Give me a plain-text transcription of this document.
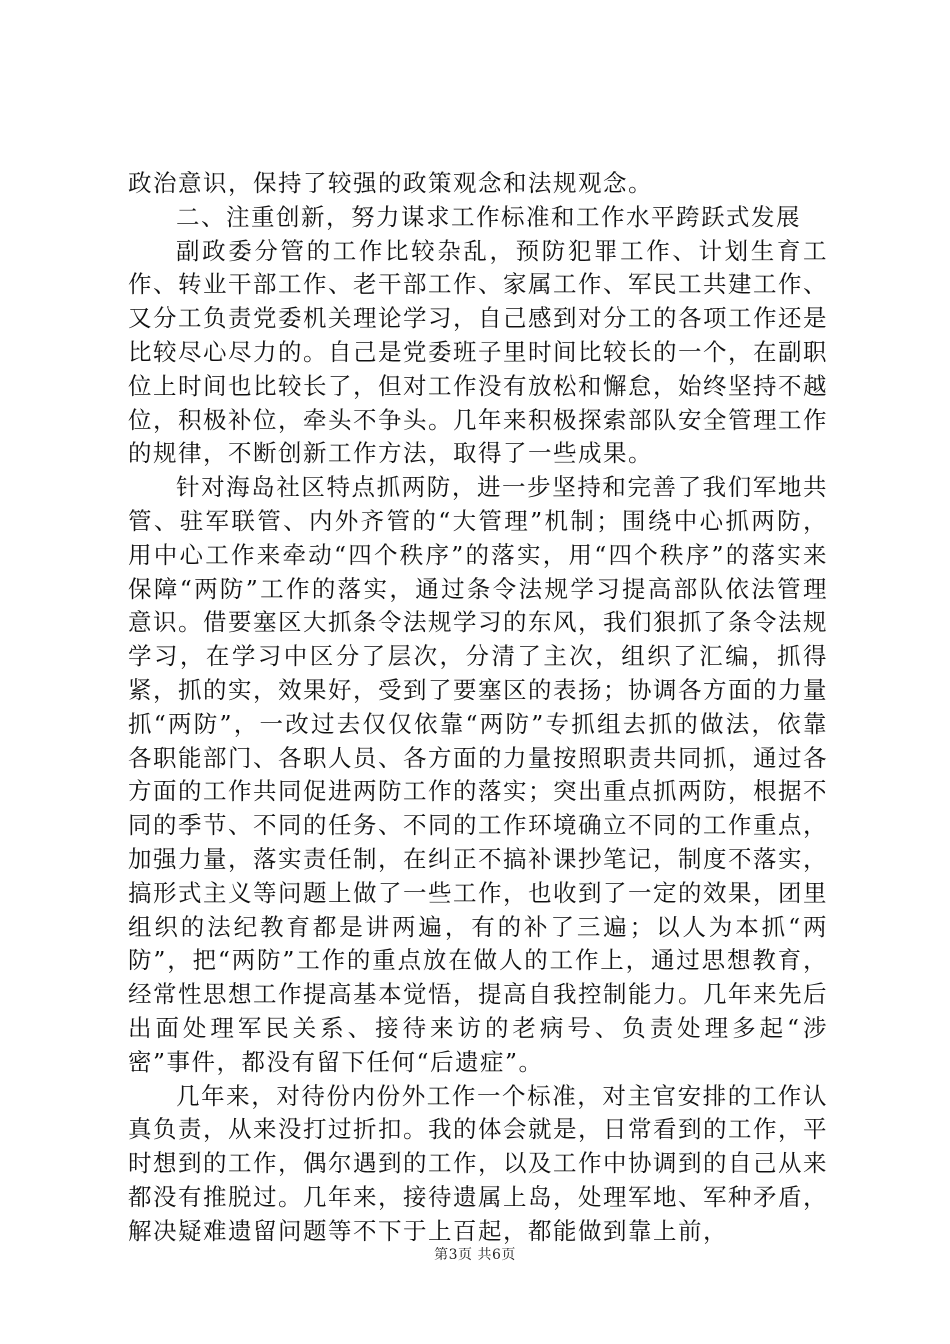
政治意识，保持了较强的政策观念和法规观念。

二、注重创新，努力谋求工作标准和工作水平跨跃式发展

副政委分管的工作比较杂乱，预防犯罪工作、计划生育工作、转业干部工作、老干部工作、家属工作、军民工共建工作、又分工负责党委机关理论学习，自己感到对分工的各项工作还是比较尽心尽力的。自己是党委班子里时间比较长的一个，在副职位上时间也比较长了，但对工作没有放松和懈怠，始终坚持不越位，积极补位，牵头不争头。几年来积极探索部队安全管理工作的规律，不断创新工作方法，取得了一些成果。

针对海岛社区特点抓两防，进一步坚持和完善了我们军地共管、驻军联管、内外齐管的“大管理”机制；围绕中心抓两防，用中心工作来牵动“四个秩序”的落实，用“四个秩序”的落实来保障“两防”工作的落实，通过条令法规学习提高部队依法管理意识。借要塞区大抓条令法规学习的东风，我们狠抓了条令法规学习，在学习中区分了层次，分清了主次，组织了汇编，抓得紧，抓的实，效果好，受到了要塞区的表扬；协调各方面的力量抓“两防”，一改过去仅仅依靠“两防”专抓组去抓的做法，依靠各职能部门、各职人员、各方面的力量按照职责共同抓，通过各方面的工作共同促进两防工作的落实；突出重点抓两防，根据不同的季节、不同的任务、不同的工作环境确立不同的工作重点，加强力量，落实责任制，在纠正不搞补课抄笔记，制度不落实，搞形式主义等问题上做了一些工作，也收到了一定的效果，团里组织的法纪教育都是讲两遍，有的补了三遍；以人为本抓“两防”，把“两防”工作的重点放在做人的工作上，通过思想教育，经常性思想工作提高基本觉悟，提高自我控制能力。几年来先后出面处理军民关系、接待来访的老病号、负责处理多起“涉密”事件，都没有留下任何“后遗症”。

几年来，对待份内份外工作一个标准，对主官安排的工作认真负责，从来没打过折扣。我的体会就是，日常看到的工作，平时想到的工作，偶尔遇到的工作，以及工作中协调到的自己从来都没有推脱过。几年来，接待遗属上岛，处理军地、军种矛盾，解决疑难遗留问题等不下于上百起，都能做到靠上前，

第3页 共6页
